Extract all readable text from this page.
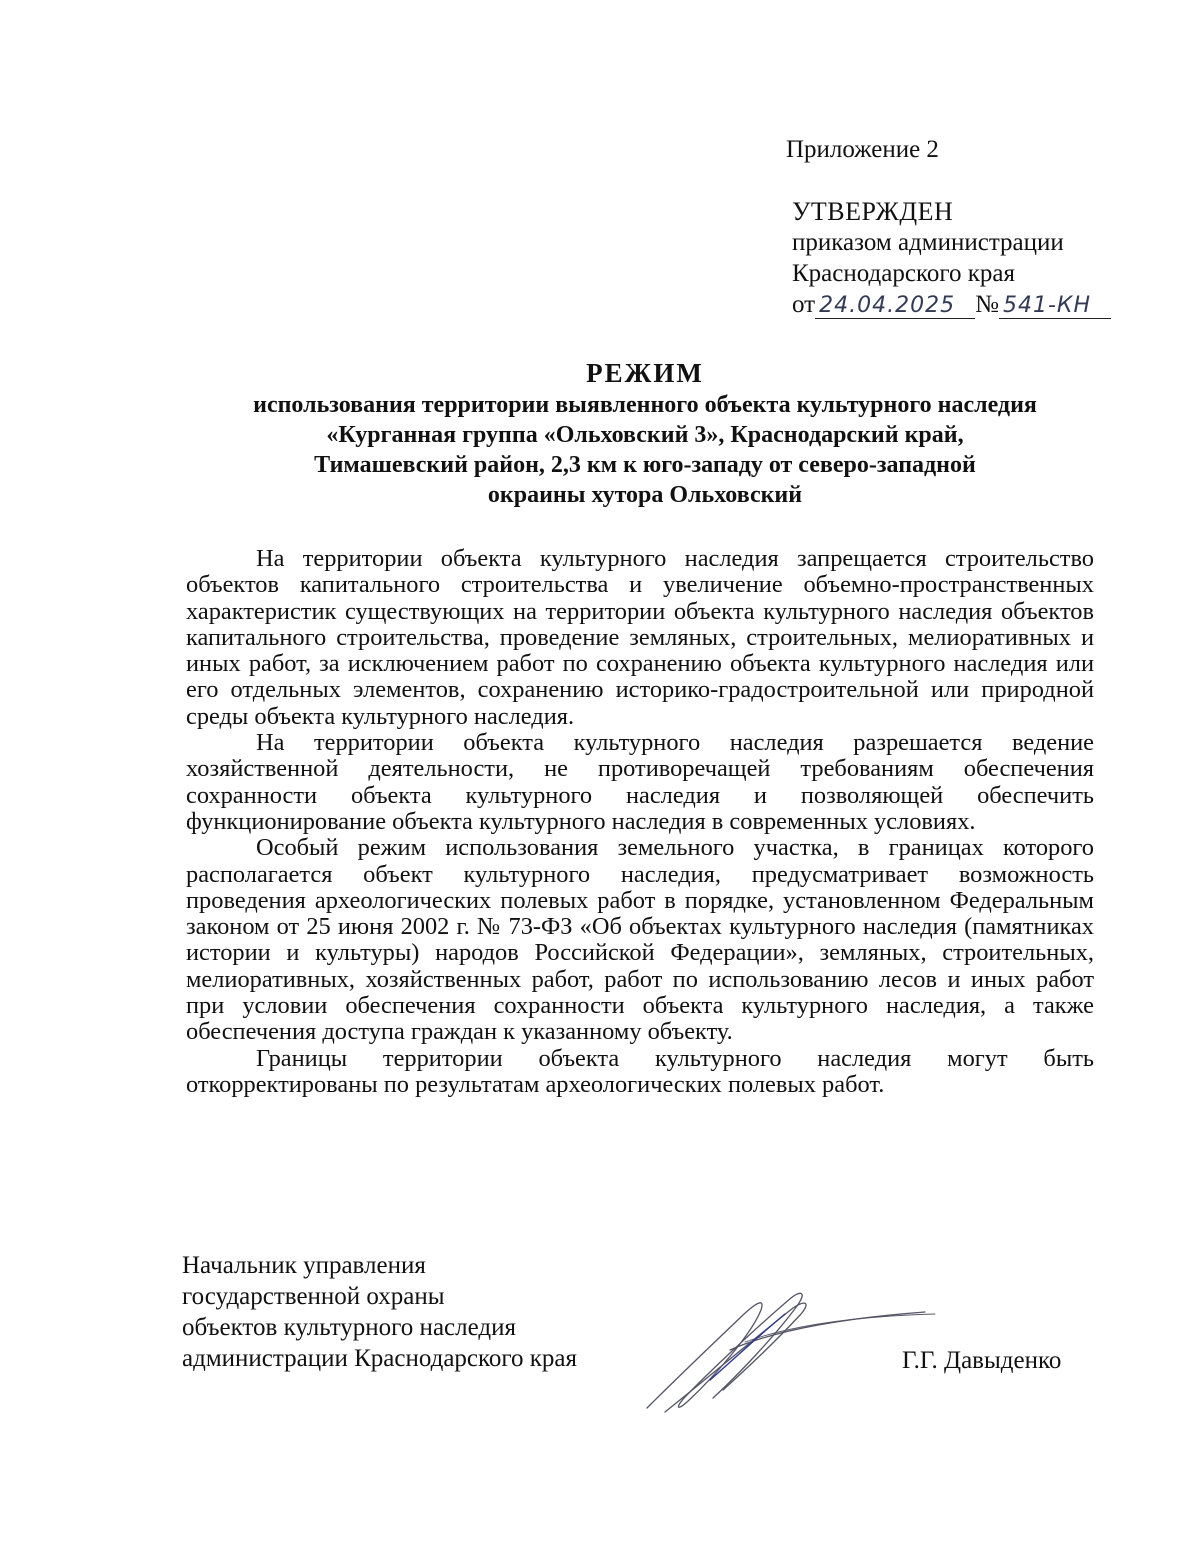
Приложение 2
УТВЕРЖДЕН
приказом администрации
Краснодарского края
от 24.04.2025 № 541-КН
РЕЖИМ
использования территории выявленного объекта культурного наследия
«Курганная группа «Ольховский 3», Краснодарский край,
Тимашевский район, 2,3 км к юго-западу от северо-западной
окраины хутора Ольховский

На территории объекта культурного наследия запрещается строительство объектов капитального строительства и увеличение объемно-пространственных характеристик существующих на территории объекта культурного наследия объектов капитального строительства, проведение земляных, строительных, мелиоративных и иных работ, за исключением работ по сохранению объекта культурного наследия или его отдельных элементов, сохранению историко-градостроительной или природной среды объекта культурного наследия.

На территории объекта культурного наследия разрешается ведение хозяйственной деятельности, не противоречащей требованиям обеспечения сохранности объекта культурного наследия и позволяющей обеспечить функционирование объекта культурного наследия в современных условиях.

Особый режим использования земельного участка, в границах которого располагается объект культурного наследия, предусматривает возможность проведения археологических полевых работ в порядке, установленном Федеральным законом от 25 июня 2002 г. № 73-ФЗ «Об объектах культурного наследия (памятниках истории и культуры) народов Российской Федерации», земляных, строительных, мелиоративных, хозяйственных работ, работ по использованию лесов и иных работ при условии обеспечения сохранности объекта культурного наследия, а также обеспечения доступа граждан к указанному объекту.

Границы территории объекта культурного наследия могут быть откорректированы по результатам археологических полевых работ.

Начальник управления
государственной охраны
объектов культурного наследия
администрации Краснодарского края	Г.Г. Давыденко
